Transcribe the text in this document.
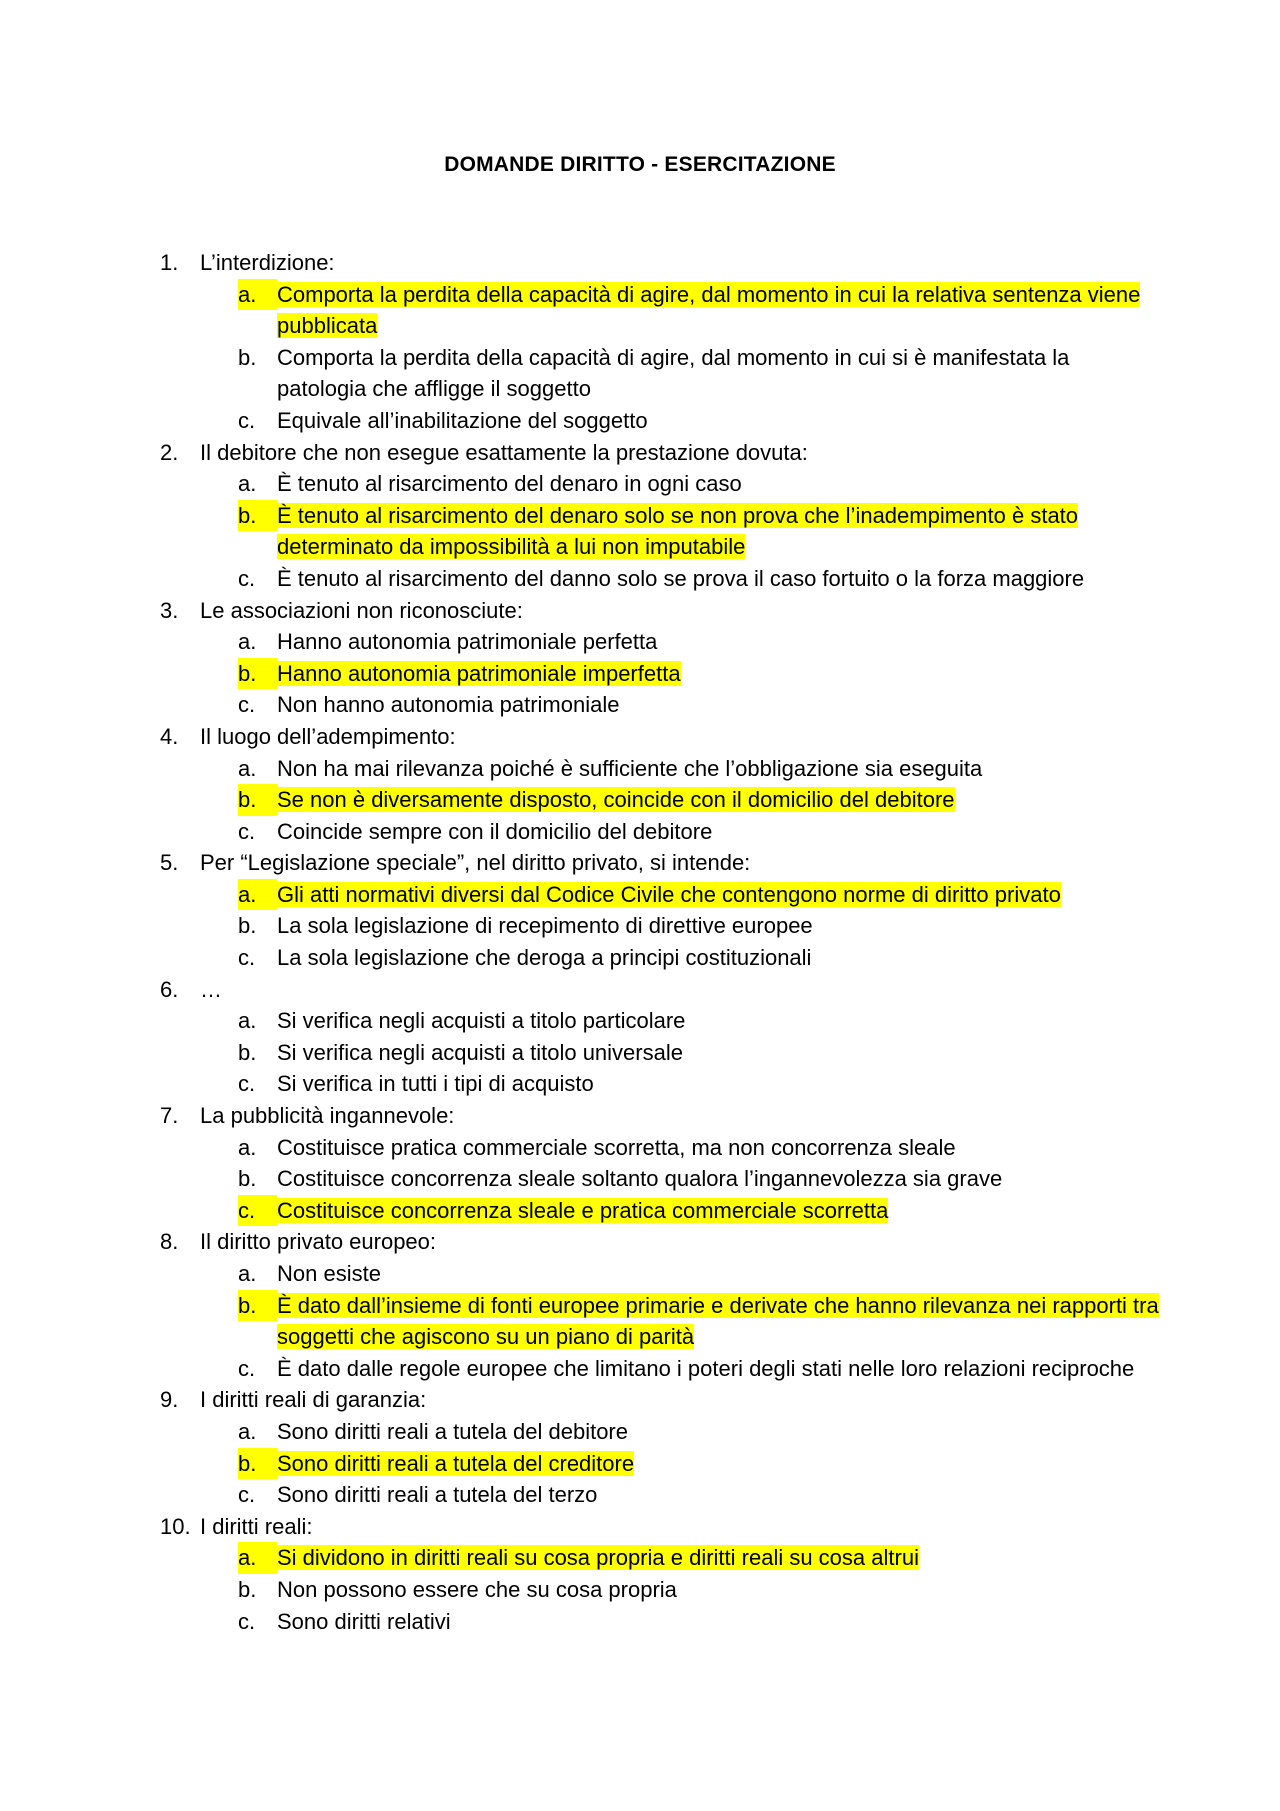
DOMANDE DIRITTO - ESERCITAZIONE
1. L’interdizione:
a. Comporta la perdita della capacità di agire, dal momento in cui la relativa sentenza viene pubblicata
b. Comporta la perdita della capacità di agire, dal momento in cui si è manifestata la patologia che affligge il soggetto
c. Equivale all’inabilitazione del soggetto
2. Il debitore che non esegue esattamente la prestazione dovuta:
a. È tenuto al risarcimento del denaro in ogni caso
b. È tenuto al risarcimento del denaro solo se non prova che l’inadempimento è stato determinato da impossibilità a lui non imputabile
c. È tenuto al risarcimento del danno solo se prova il caso fortuito o la forza maggiore
3. Le associazioni non riconosciute:
a. Hanno autonomia patrimoniale perfetta
b. Hanno autonomia patrimoniale imperfetta
c. Non hanno autonomia patrimoniale
4. Il luogo dell’adempimento:
a. Non ha mai rilevanza poiché è sufficiente che l’obbligazione sia eseguita
b. Se non è diversamente disposto, coincide con il domicilio del debitore
c. Coincide sempre con il domicilio del debitore
5. Per “Legislazione speciale”, nel diritto privato, si intende:
a. Gli atti normativi diversi dal Codice Civile che contengono norme di diritto privato
b. La sola legislazione di recepimento di direttive europee
c. La sola legislazione che deroga a principi costituzionali
6. …
a. Si verifica negli acquisti a titolo particolare
b. Si verifica negli acquisti a titolo universale
c. Si verifica in tutti i tipi di acquisto
7. La pubblicità ingannevole:
a. Costituisce pratica commerciale scorretta, ma non concorrenza sleale
b. Costituisce concorrenza sleale soltanto qualora l’ingannevolezza sia grave
c. Costituisce concorrenza sleale e pratica commerciale scorretta
8. Il diritto privato europeo:
a. Non esiste
b. È dato dall’insieme di fonti europee primarie e derivate che hanno rilevanza nei rapporti tra soggetti che agiscono su un piano di parità
c. È dato dalle regole europee che limitano i poteri degli stati nelle loro relazioni reciproche
9. I diritti reali di garanzia:
a. Sono diritti reali a tutela del debitore
b. Sono diritti reali a tutela del creditore
c. Sono diritti reali a tutela del terzo
10. I diritti reali:
a. Si dividono in diritti reali su cosa propria e diritti reali su cosa altrui
b. Non possono essere che su cosa propria
c. Sono diritti relativi
